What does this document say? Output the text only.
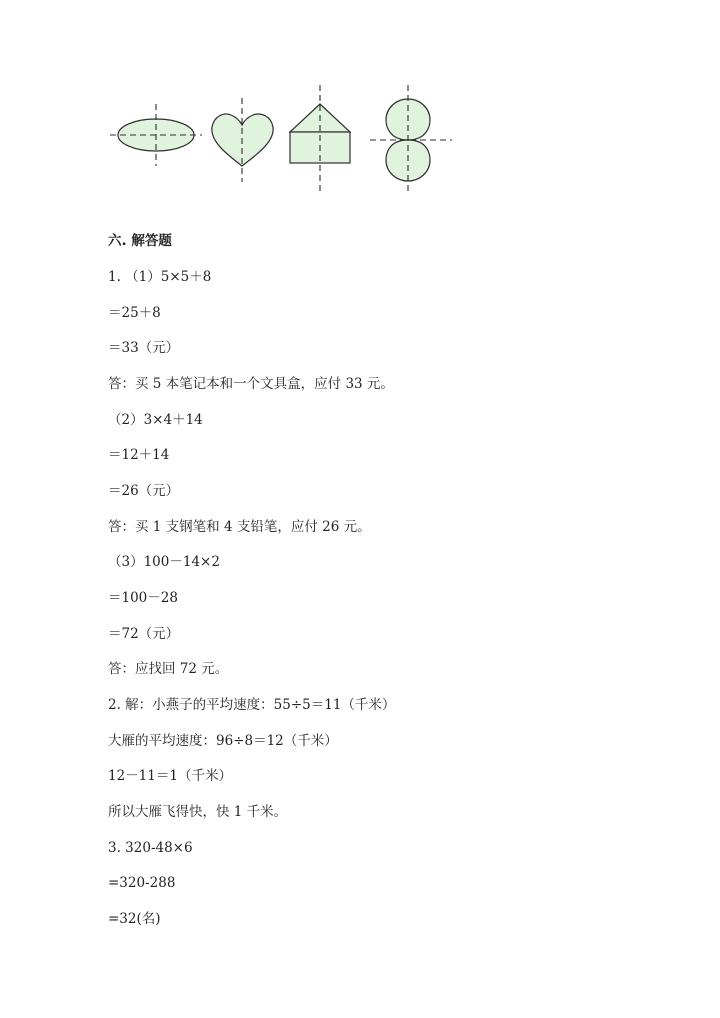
六. 解答题
1. （1）5×5＋8
＝25＋8
＝33（元）
答：买 5 本笔记本和一个文具盒，应付 33 元。
（2）3×4＋14
＝12＋14
＝26（元）
答：买 1 支钢笔和 4 支铅笔，应付 26 元。
（3）100－14×2
＝100－28
＝72（元）
答：应找回 72 元。
2. 解：小燕子的平均速度：55÷5＝11（千米）
大雁的平均速度：96÷8＝12（千米）
12－11＝1（千米）
所以大雁飞得快，快 1 千米。
3. 320-48×6
=320-288
=32(名)
